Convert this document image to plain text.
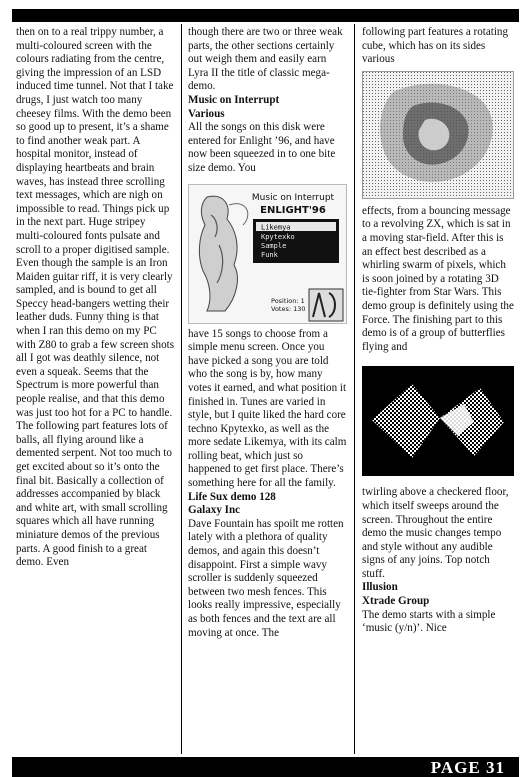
then on to a real trippy number, a multi-coloured screen with the colours radiating from the centre, giving the impression of an LSD induced time tunnel. Not that I take drugs, I just watch too many cheesey films. With the demo been so good up to present, it’s a shame to find another weak part. A hospital monitor, instead of displaying heartbeats and brain waves, has instead three scrolling text messages, which are nigh on impossible to read. Things pick up in the next part. Huge stripey multi-coloured fonts pulsate and scroll to a proper digitised sample. Even though the sample is an Iron Maiden guitar riff, it is very clearly sampled, and is bound to get all Speccy head-bangers wetting their leather duds. Funny thing is that when I ran this demo on my PC with Z80 to grab a few screen shots all I got was deathly silence, not even a squeak. Seems that the Spectrum is more powerful than people realise, and that this demo was just too hot for a PC to handle. The following part features lots of balls, all flying around like a demented serpent. Not too much to get excited about so it’s onto the final bit. Basically a collection of addresses accompanied by black and white art, with small scrolling squares which all have running miniature demos of the previous parts. A good finish to a great demo. Even

though there are two or three weak parts, the other sections certainly out weigh them and easily earn Lyra II the title of classic mega-demo.

Music on Interrupt
Various

All the songs on this disk were entered for Enlight ’96, and have now been squeezed in to one bite size demo. You

Music on Interrupt
ENLIGHT'96
Likemya
Kpytexko
Sample
Funk
Position: 1
Votes: 130

have 15 songs to choose from a simple menu screen. Once you have picked a song you are told who the song is by, how many votes it earned, and what position it finished in. Tunes are varied in style, but I quite liked the hard core techno Kpytexko, as well as the more sedate Likemya, with its calm rolling beat, which just so happened to get first place. There’s something here for all the family.

Life Sux demo 128
Galaxy Inc

Dave Fountain has spoilt me rotten lately with a plethora of quality demos, and again this doesn’t disappoint. First a simple wavy scroller is suddenly squeezed between two mesh fences. This looks really impressive, especially as both fences and the text are all moving at once. The

following part features a rotating cube, which has on its sides various

effects, from a bouncing message to a revolving ZX, which is sat in a moving star-field. After this is an effect best described as a whirling swarm of pixels, which is soon joined by a rotating 3D tie-fighter from Star Wars. This demo group is definitely using the Force. The finishing part to this demo is of a group of butterflies flying and

twirling above a checkered floor, which itself sweeps around the screen. Throughout the entire demo the music changes tempo and style without any audible signs of any joins. Top notch stuff.

Illusion
Xtrade Group

The demo starts with a simple ‘music (y/n)’. Nice

PAGE 31
